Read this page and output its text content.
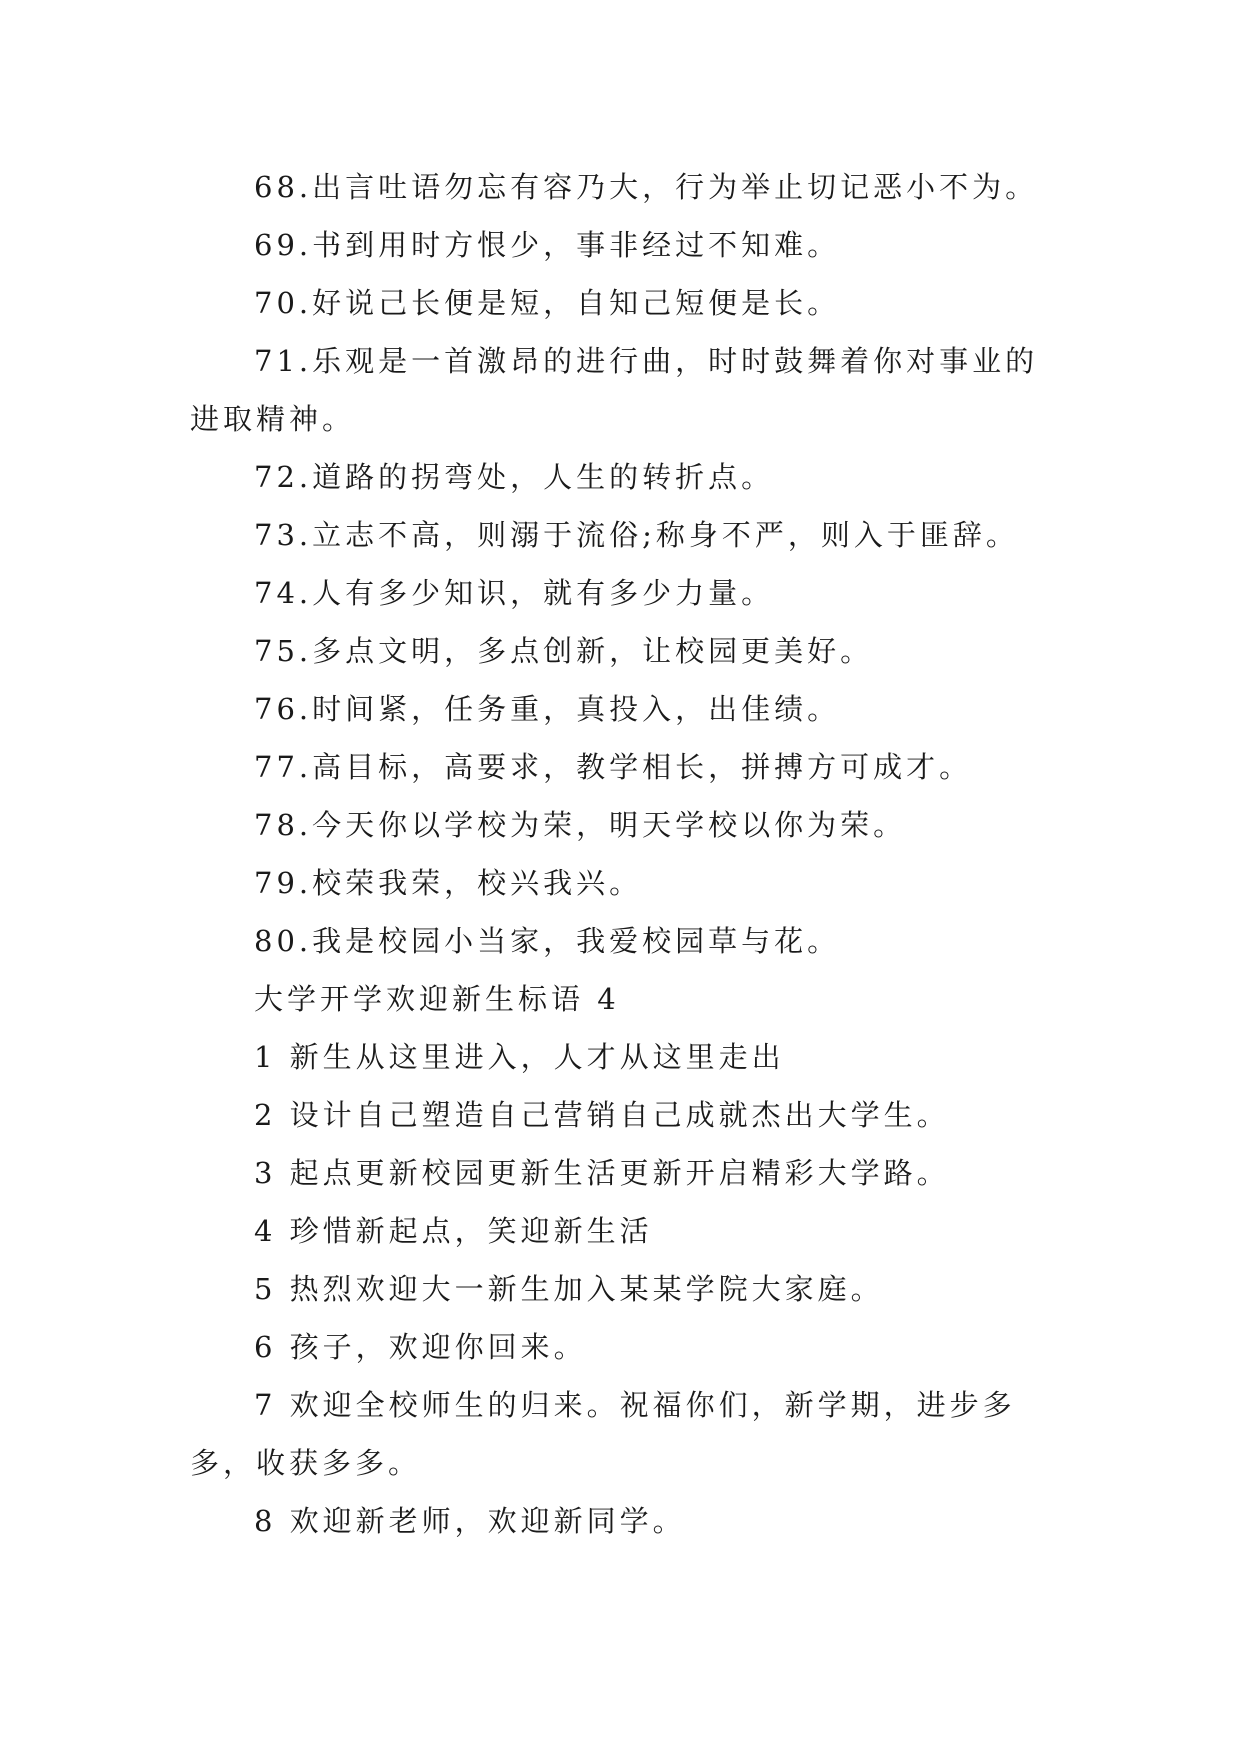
68.出言吐语勿忘有容乃大，行为举止切记恶小不为。

69.书到用时方恨少，事非经过不知难。

70.好说己长便是短，自知己短便是长。

71.乐观是一首激昂的进行曲，时时鼓舞着你对事业的进取精神。

72.道路的拐弯处，人生的转折点。

73.立志不高，则溺于流俗;称身不严，则入于匪辞。

74.人有多少知识，就有多少力量。

75.多点文明，多点创新，让校园更美好。

76.时间紧，任务重，真投入，出佳绩。

77.高目标，高要求，教学相长，拼搏方可成才。

78.今天你以学校为荣，明天学校以你为荣。

79.校荣我荣，校兴我兴。

80.我是校园小当家，我爱校园草与花。

大学开学欢迎新生标语 4

1 新生从这里进入，人才从这里走出

2 设计自己塑造自己营销自己成就杰出大学生。

3 起点更新校园更新生活更新开启精彩大学路。

4 珍惜新起点，笑迎新生活

5 热烈欢迎大一新生加入某某学院大家庭。

6 孩子，欢迎你回来。

7 欢迎全校师生的归来。祝福你们，新学期，进步多多，收获多多。

8 欢迎新老师，欢迎新同学。
